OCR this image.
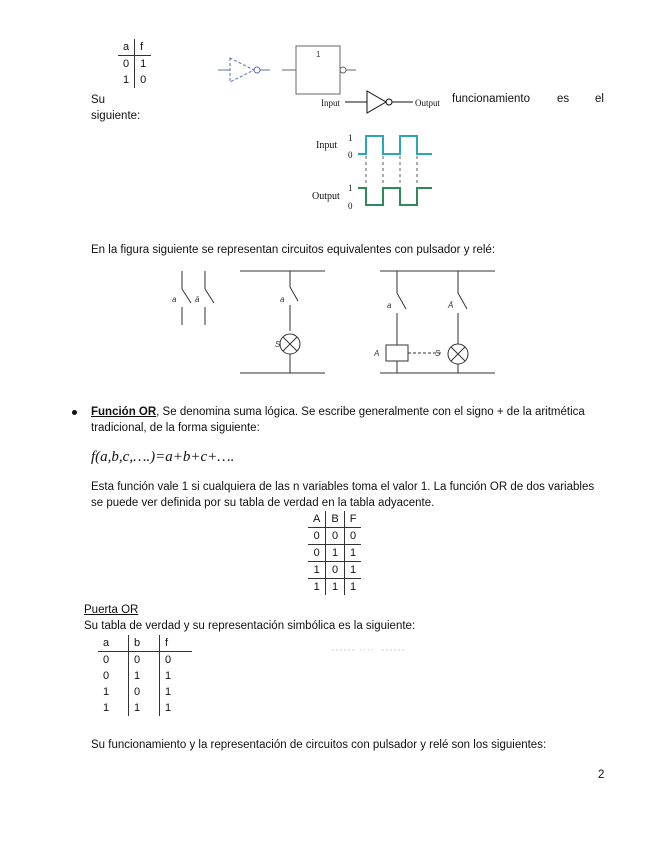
a	f
0	1
1	0
1
Input	Output
Su	funcionamiento es el
siguiente:
Input
1
0
Output
1
0
En la figura siguiente se representan circuitos equivalentes con pulsador y relé:
a ā	a
S
a	Ā
A	S
Función OR, Se denomina suma lógica. Se escribe generalmente con el signo + de la aritmética
tradicional, de la forma siguiente:
f(a,b,c,….)=a+b+c+….
Esta función vale 1 si cualquiera de las n variables toma el valor 1. La función OR de dos variables
se puede ver definida por su tabla de verdad en la tabla adyacente.
A	B	F
0	0	0
0	1	1
1	0	1
1	1	1
Puerta OR
Su tabla de verdad y su representación simbólica es la siguiente:
a	b	f
0	0	0
0	1	1
1	0	1
1	1	1
Su funcionamiento y la representación de circuitos con pulsador y relé son los siguientes:
2
